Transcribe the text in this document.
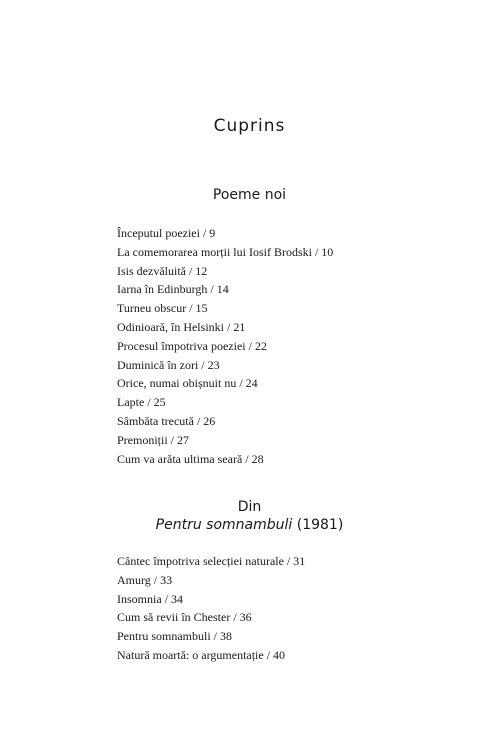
Cuprins
Poeme noi
Începutul poeziei / 9
La comemorarea morții lui Iosif Brodski / 10
Isis dezvăluită / 12
Iarna în Edinburgh / 14
Turneu obscur / 15
Odinioară, în Helsinki / 21
Procesul împotriva poeziei / 22
Duminică în zori / 23
Orice, numai obișnuit nu / 24
Lapte / 25
Sâmbăta trecută / 26
Premoniții / 27
Cum va arăta ultima seară / 28
Din
Pentru somnambuli (1981)
Cântec împotriva selecției naturale / 31
Amurg / 33
Insomnia / 34
Cum să revii în Chester / 36
Pentru somnambuli / 38
Natură moartă: o argumentație / 40
